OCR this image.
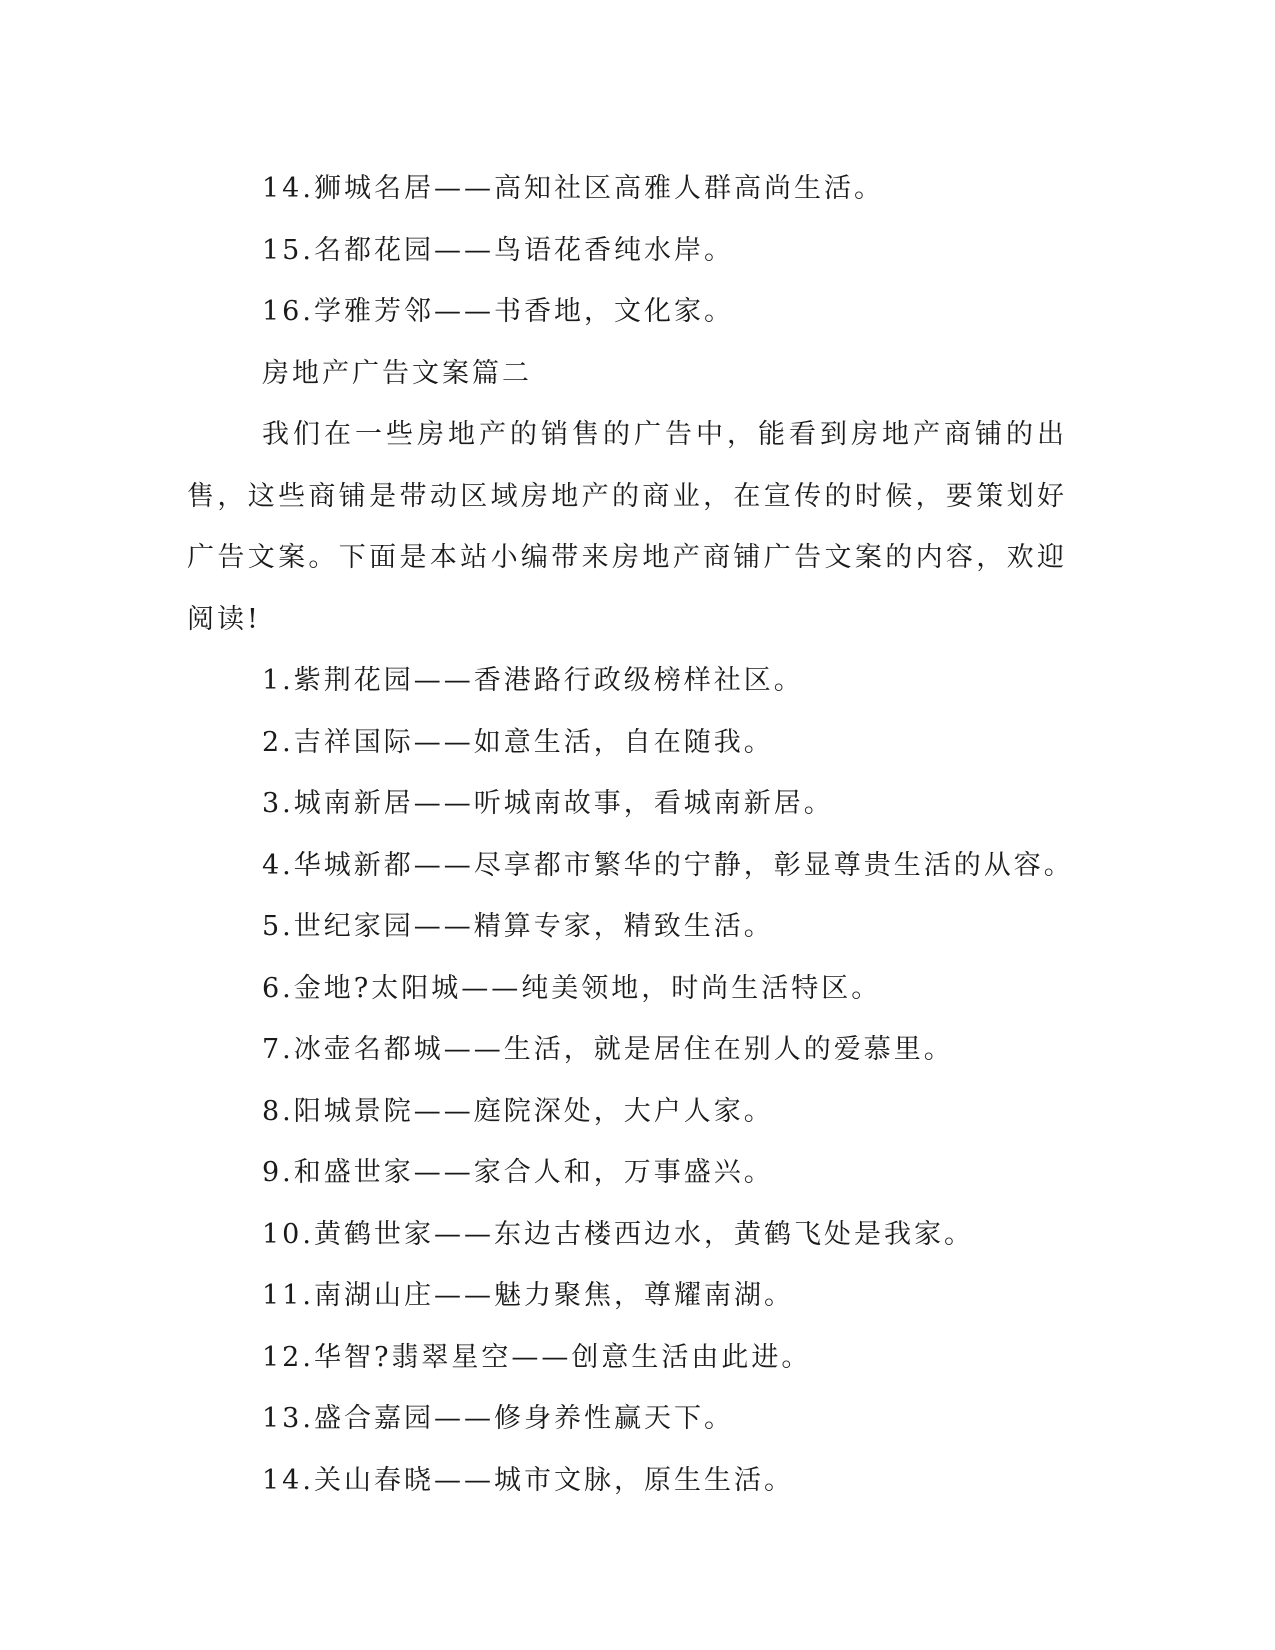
14.狮城名居——高知社区高雅人群高尚生活。
15.名都花园——鸟语花香纯水岸。
16.学雅芳邻——书香地，文化家。
房地产广告文案篇二
我们在一些房地产的销售的广告中，能看到房地产商铺的出售，这些商铺是带动区域房地产的商业，在宣传的时候，要策划好广告文案。下面是本站小编带来房地产商铺广告文案的内容，欢迎阅读!
1.紫荆花园——香港路行政级榜样社区。
2.吉祥国际——如意生活，自在随我。
3.城南新居——听城南故事，看城南新居。
4.华城新都——尽享都市繁华的宁静，彰显尊贵生活的从容。
5.世纪家园——精算专家，精致生活。
6.金地?太阳城——纯美领地，时尚生活特区。
7.冰壶名都城——生活，就是居住在别人的爱慕里。
8.阳城景院——庭院深处，大户人家。
9.和盛世家——家合人和，万事盛兴。
10.黄鹤世家——东边古楼西边水，黄鹤飞处是我家。
11.南湖山庄——魅力聚焦，尊耀南湖。
12.华智?翡翠星空——创意生活由此进。
13.盛合嘉园——修身养性赢天下。
14.关山春晓——城市文脉，原生生活。
